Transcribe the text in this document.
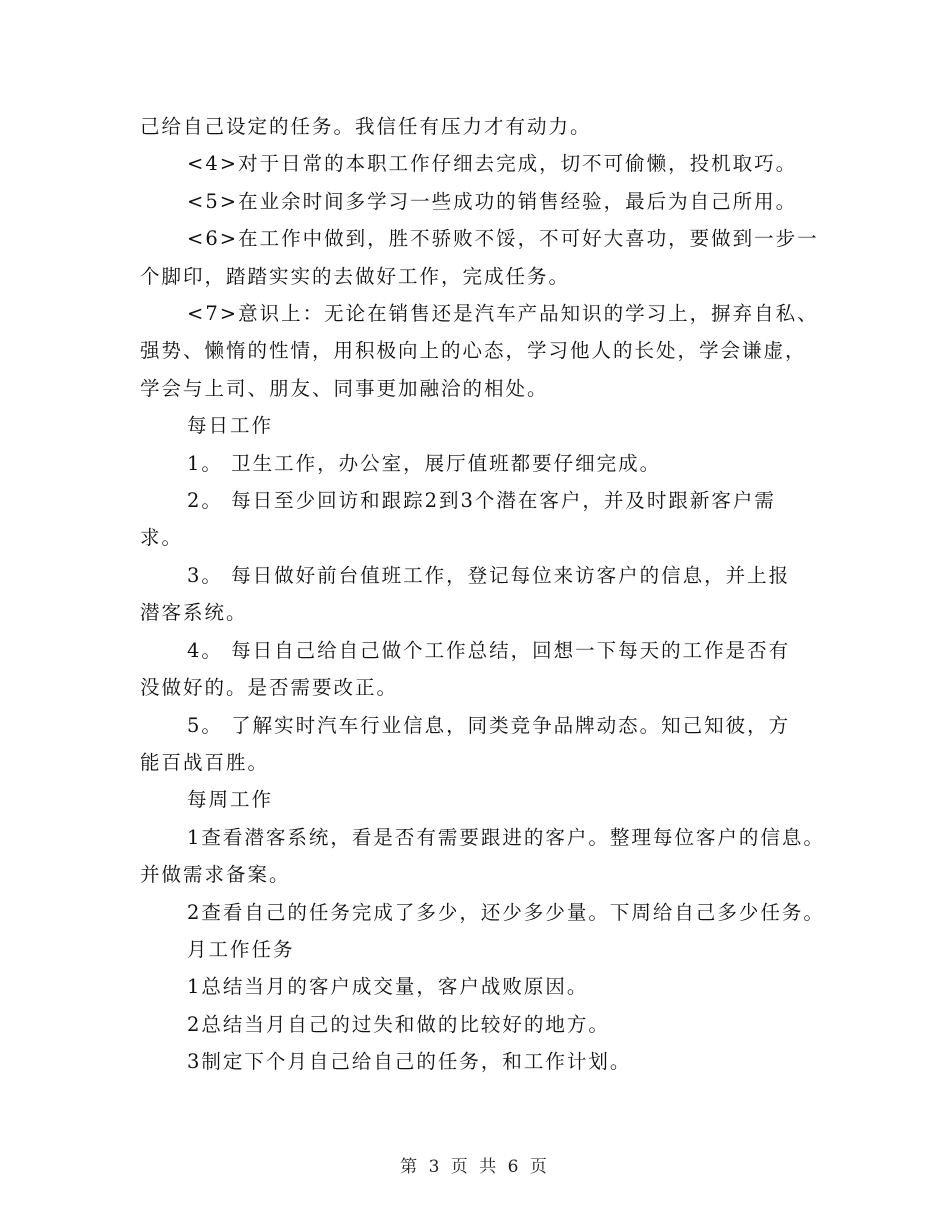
己给自己设定的任务。我信任有压力才有动力。

<4>对于日常的本职工作仔细去完成，切不可偷懒，投机取巧。

<5>在业余时间多学习一些成功的销售经验，最后为自己所用。

<6>在工作中做到，胜不骄败不馁，不可好大喜功，要做到一步一

个脚印，踏踏实实的去做好工作，完成任务。

<7>意识上：无论在销售还是汽车产品知识的学习上，摒弃自私、

强势、懒惰的性情，用积极向上的心态，学习他人的长处，学会谦虚，

学会与上司、朋友、同事更加融洽的相处。

每日工作

1。 卫生工作，办公室，展厅值班都要仔细完成。

2。 每日至少回访和跟踪2到3个潜在客户，并及时跟新客户需

求。

3。 每日做好前台值班工作，登记每位来访客户的信息，并上报

潜客系统。

4。 每日自己给自己做个工作总结，回想一下每天的工作是否有

没做好的。是否需要改正。

5。 了解实时汽车行业信息，同类竞争品牌动态。知己知彼，方

能百战百胜。

每周工作

1查看潜客系统，看是否有需要跟进的客户。整理每位客户的信息。

并做需求备案。

2查看自己的任务完成了多少，还少多少量。下周给自己多少任务。

月工作任务

1总结当月的客户成交量，客户战败原因。

2总结当月自己的过失和做的比较好的地方。

3制定下个月自己给自己的任务，和工作计划。

第 3 页 共 6 页
